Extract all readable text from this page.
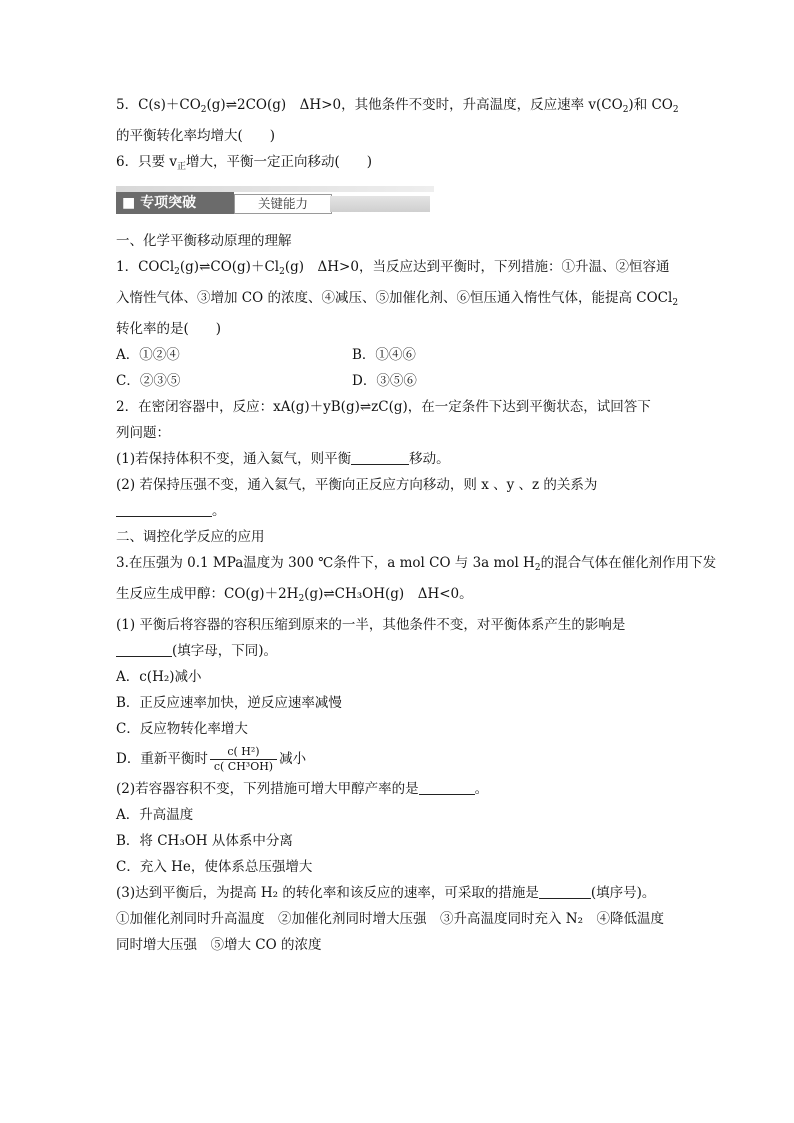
5．$C(s)+CO_2(g)\rightleftharpoons 2CO(g)$　ΔH>0，其他条件不变时，升高温度，反应速率 $v(CO_2)$和 $CO_2$
的平衡转化率均增大(　　)
6．只要 $v_正$增大，平衡一定正向移动(　　)
■ 专项突破	关键能力
一、化学平衡移动原理的理解
1．$COCl_2(g)\rightleftharpoons CO(g)+Cl_2(g)$　ΔH>0，当反应达到平衡时，下列措施：①升温、②恒容通
入惰性气体、③增加 CO 的浓度、④减压、⑤加催化剂、⑥恒压通入惰性气体，能提高 COCl$_2$
转化率的是(　　)
A．①②④	B．①④⑥
C．②③⑤	D．③⑤⑥
2．在密闭容器中，反应：xA(g)＋yB(g)⇌zC(g)，在一定条件下达到平衡状态，试回答下
列问题：
(1)若保持体积不变，通入氦气，则平衡	移动。
(2) 若保持压强不变，通入氦气，平衡向正反应方向移动，则 x 、y 、z 的关系为
。
二、调控化学反应的应用
3.在压强为 0.1 MPa温度为 300 ℃条件下，a mol CO 与 3a mol $H_2$的混合气体在催化剂作用下发
生反应生成甲醇：$CO(g)+2H_2(g)\rightleftharpoons CH_3OH(g)$　ΔH<0。
(1) 平衡后将容器的容积压缩到原来的一半，其他条件不变，对平衡体系产生的影响是
(填字母，下同)。
A．c(H₂)减小
B．正反应速率加快，逆反应速率减慢
C．反应物转化率增大
D．重新平衡时 $\frac{\text{c( H²)}}{\text{c( CH³OH)}}$ 减小
(2)若容器容积不变，下列措施可增大甲醇产率的是	。
A．升高温度
B．将 CH₃OH 从体系中分离
C．充入 He，使体系总压强增大
(3)达到平衡后，为提高 H₂ 的转化率和该反应的速率，可采取的措施是	(填序号)。
①加催化剂同时升高温度　②加催化剂同时增大压强　③升高温度同时充入 N₂　④降低温度
同时增大压强　⑤增大 CO 的浓度
